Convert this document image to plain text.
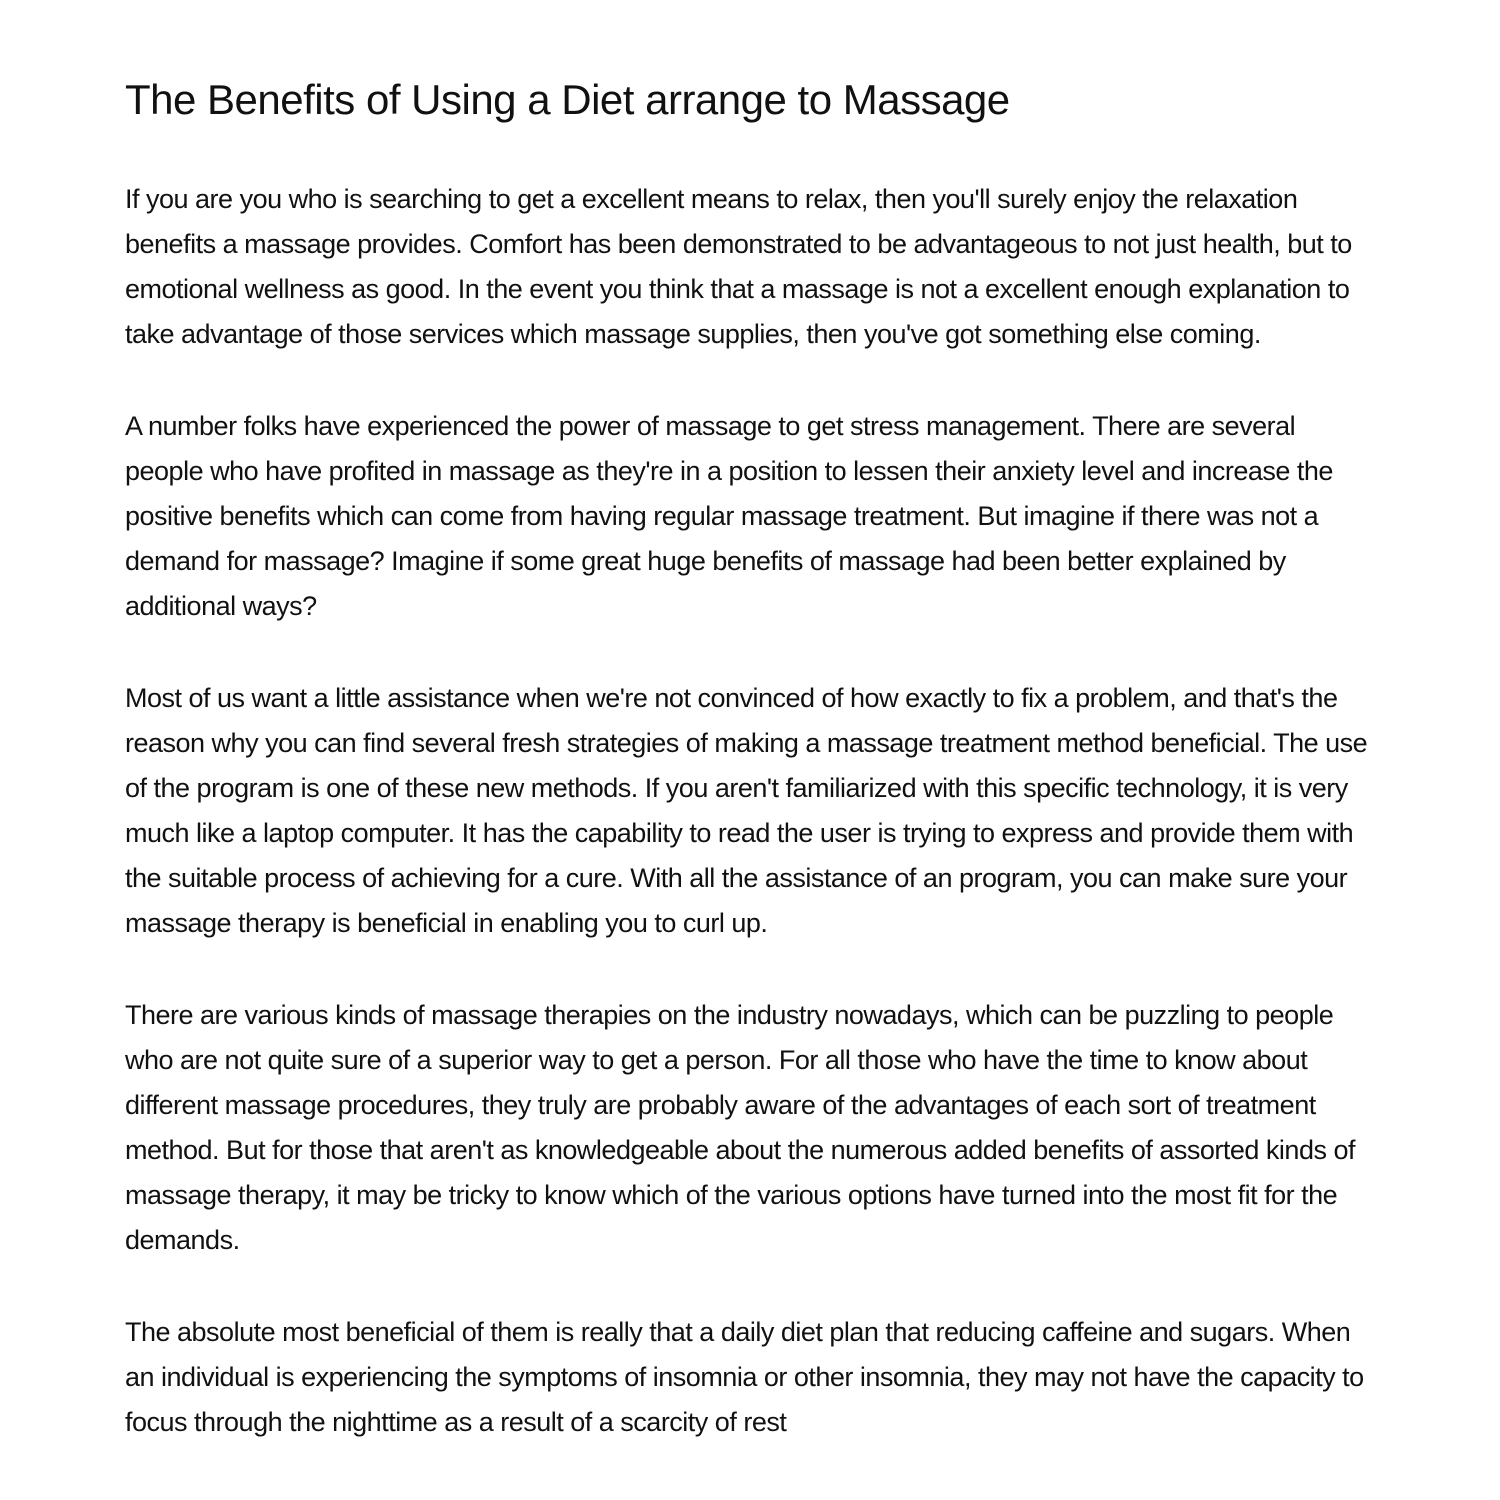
The Benefits of Using a Diet arrange to Massage

If you are you who is searching to get a excellent means to relax, then you'll surely enjoy the relaxation benefits a massage provides. Comfort has been demonstrated to be advantageous to not just health, but to emotional wellness as good. In the event you think that a massage is not a excellent enough explanation to take advantage of those services which massage supplies, then you've got something else coming.

A number folks have experienced the power of massage to get stress management. There are several people who have profited in massage as they're in a position to lessen their anxiety level and increase the positive benefits which can come from having regular massage treatment. But imagine if there was not a demand for massage? Imagine if some great huge benefits of massage had been better explained by additional ways?

Most of us want a little assistance when we're not convinced of how exactly to fix a problem, and that's the reason why you can find several fresh strategies of making a massage treatment method beneficial. The use of the program is one of these new methods. If you aren't familiarized with this specific technology, it is very much like a laptop computer. It has the capability to read the user is trying to express and provide them with the suitable process of achieving for a cure. With all the assistance of an program, you can make sure your massage therapy is beneficial in enabling you to curl up.

There are various kinds of massage therapies on the industry nowadays, which can be puzzling to people who are not quite sure of a superior way to get a person. For all those who have the time to know about different massage procedures, they truly are probably aware of the advantages of each sort of treatment method. But for those that aren't as knowledgeable about the numerous added benefits of assorted kinds of massage therapy, it may be tricky to know which of the various options have turned into the most fit for the demands.

The absolute most beneficial of them is really that a daily diet plan that reducing caffeine and sugars. When an individual is experiencing the symptoms of insomnia or other insomnia, they may not have the capacity to focus through the nighttime as a result of a scarcity of rest
